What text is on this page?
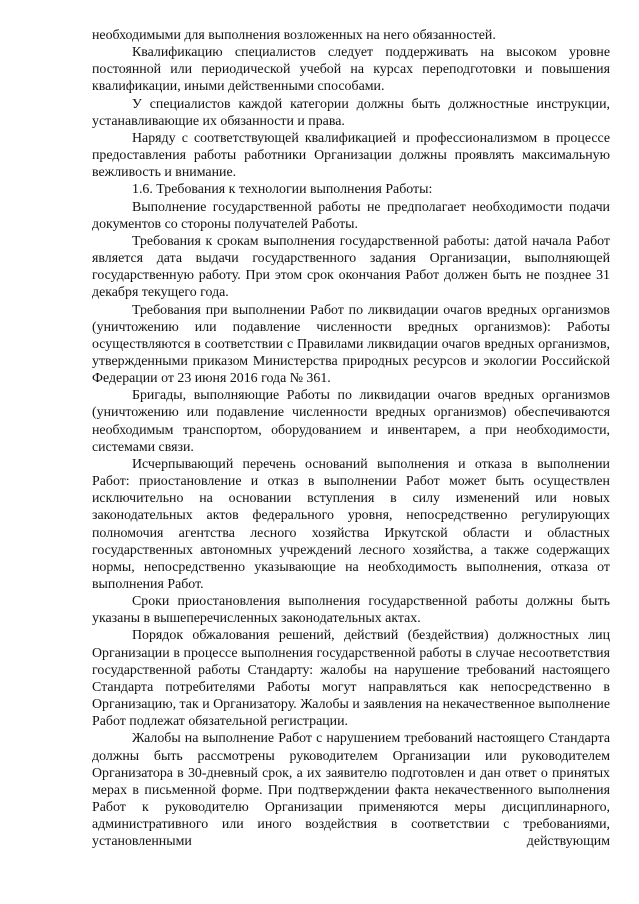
необходимыми для выполнения возложенных на него обязанностей.

Квалификацию специалистов следует поддерживать на высоком уровне постоянной или периодической учебой на курсах переподготовки и повышения квалификации, иными действенными способами.

У специалистов каждой категории должны быть должностные инструкции, устанавливающие их обязанности и права.

Наряду с соответствующей квалификацией и профессионализмом в процессе предоставления работы работники Организации должны проявлять максимальную вежливость и внимание.

1.6. Требования к технологии выполнения Работы:

Выполнение государственной работы не предполагает необходимости подачи документов со стороны получателей Работы.

Требования к срокам выполнения государственной работы: датой начала Работ является дата выдачи государственного задания Организации, выполняющей государственную работу. При этом срок окончания Работ должен быть не позднее 31 декабря текущего года.

Требования при выполнении Работ по ликвидации очагов вредных организмов (уничтожению или подавление численности вредных организмов): Работы осуществляются в соответствии с Правилами ликвидации очагов вредных организмов, утвержденными приказом Министерства природных ресурсов и экологии Российской Федерации от 23 июня 2016 года № 361.

Бригады, выполняющие Работы по ликвидации очагов вредных организмов (уничтожению или подавление численности вредных организмов) обеспечиваются необходимым транспортом, оборудованием и инвентарем, а при необходимости, системами связи.

Исчерпывающий перечень оснований выполнения и отказа в выполнении Работ: приостановление и отказ в выполнении Работ может быть осуществлен исключительно на основании вступления в силу изменений или новых законодательных актов федерального уровня, непосредственно регулирующих полномочия агентства лесного хозяйства Иркутской области и областных государственных автономных учреждений лесного хозяйства, а также содержащих нормы, непосредственно указывающие на необходимость выполнения, отказа от выполнения Работ.

Сроки приостановления выполнения государственной работы должны быть указаны в вышеперечисленных законодательных актах.

Порядок обжалования решений, действий (бездействия) должностных лиц Организации в процессе выполнения государственной работы в случае несоответствия государственной работы Стандарту: жалобы на нарушение требований настоящего Стандарта потребителями Работы могут направляться как непосредственно в Организацию, так и Организатору. Жалобы и заявления на некачественное выполнение Работ подлежат обязательной регистрации.

Жалобы на выполнение Работ с нарушением требований настоящего Стандарта должны быть рассмотрены руководителем Организации или руководителем Организатора в 30-дневный срок, а их заявителю подготовлен и дан ответ о принятых мерах в письменной форме. При подтверждении факта некачественного выполнения Работ к руководителю Организации применяются меры дисциплинарного, административного или иного воздействия в соответствии с требованиями, установленными действующим
